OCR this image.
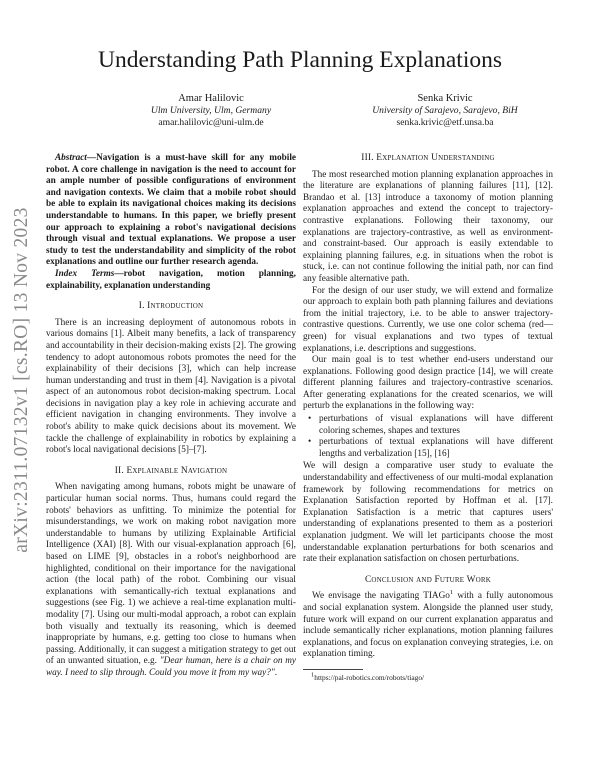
arXiv:2311.07132v1 [cs.RO] 13 Nov 2023
Understanding Path Planning Explanations
Amar Halilovic
Ulm University, Ulm, Germany
amar.halilovic@uni-ulm.de
Senka Krivic
University of Sarajevo, Sarajevo, BiH
senka.krivic@etf.unsa.ba

Abstract—Navigation is a must-have skill for any mobile robot. A core challenge in navigation is the need to account for an ample number of possible configurations of environment and navigation contexts. We claim that a mobile robot should be able to explain its navigational choices making its decisions understandable to humans. In this paper, we briefly present our approach to explaining a robot's navigational decisions through visual and textual explanations. We propose a user study to test the understandability and simplicity of the robot explanations and outline our further research agenda.

Index Terms—robot navigation, motion planning, explainability, explanation understanding

I. Introduction

There is an increasing deployment of autonomous robots in various domains [1]. Albeit many benefits, a lack of transparency and accountability in their decision-making exists [2]. The growing tendency to adopt autonomous robots promotes the need for the explainability of their decisions [3], which can help increase human understanding and trust in them [4]. Navigation is a pivotal aspect of an autonomous robot decision-making spectrum. Local decisions in navigation play a key role in achieving accurate and efficient navigation in changing environments. They involve a robot's ability to make quick decisions about its movement. We tackle the challenge of explainability in robotics by explaining a robot's local navigational decisions [5]–[7].

II. Explainable Navigation

When navigating among humans, robots might be unaware of particular human social norms. Thus, humans could regard the robots' behaviors as unfitting. To minimize the potential for misunderstandings, we work on making robot navigation more understandable to humans by utilizing Explainable Artificial Intelligence (XAI) [8]. With our visual-explanation approach [6], based on LIME [9], obstacles in a robot's neighborhood are highlighted, conditional on their importance for the navigational action (the local path) of the robot. Combining our visual explanations with semantically-rich textual explanations and suggestions (see Fig. 1) we achieve a real-time explanation multi-modality [7]. Using our multi-modal approach, a robot can explain both visually and textually its reasoning, which is deemed inappropriate by humans, e.g. getting too close to humans when passing. Additionally, it can suggest a mitigation strategy to get out of an unwanted situation, e.g. "Dear human, here is a chair on my way. I need to slip through. Could you move it from my way?".

III. Explanation Understanding

The most researched motion planning explanation approaches in the literature are explanations of planning failures [11], [12]. Brandao et al. [13] introduce a taxonomy of motion planning explanation approaches and extend the concept to trajectory-contrastive explanations. Following their taxonomy, our explanations are trajectory-contrastive, as well as environment- and constraint-based. Our approach is easily extendable to explaining planning failures, e.g. in situations when the robot is stuck, i.e. can not continue following the initial path, nor can find any feasible alternative path.

For the design of our user study, we will extend and formalize our approach to explain both path planning failures and deviations from the initial trajectory, i.e. to be able to answer trajectory-contrastive questions. Currently, we use one color schema (red—green) for visual explanations and two types of textual explanations, i.e. descriptions and suggestions.

Our main goal is to test whether end-users understand our explanations. Following good design practice [14], we will create different planning failures and trajectory-contrastive scenarios. After generating explanations for the created scenarios, we will perturb the explanations in the following way:

• perturbations of visual explanations will have different coloring schemes, shapes and textures
• perturbations of textual explanations will have different lengths and verbalization [15], [16]

We will design a comparative user study to evaluate the understandability and effectiveness of our multi-modal explanation framework by following recommendations for metrics on Explanation Satisfaction reported by Hoffman et al. [17]. Explanation Satisfaction is a metric that captures users' understanding of explanations presented to them as a posteriori explanation judgment. We will let participants choose the most understandable explanation perturbations for both scenarios and rate their explanation satisfaction on chosen perturbations.

Conclusion and Future Work

We envisage the navigating TIAGo$^1$ with a fully autonomous and social explanation system. Alongside the planned user study, future work will expand on our current explanation apparatus and include semantically richer explanations, motion planning failures explanations, and focus on explanation conveying strategies, i.e. on explanation timing.

$^1$https://pal-robotics.com/robots/tiago/
